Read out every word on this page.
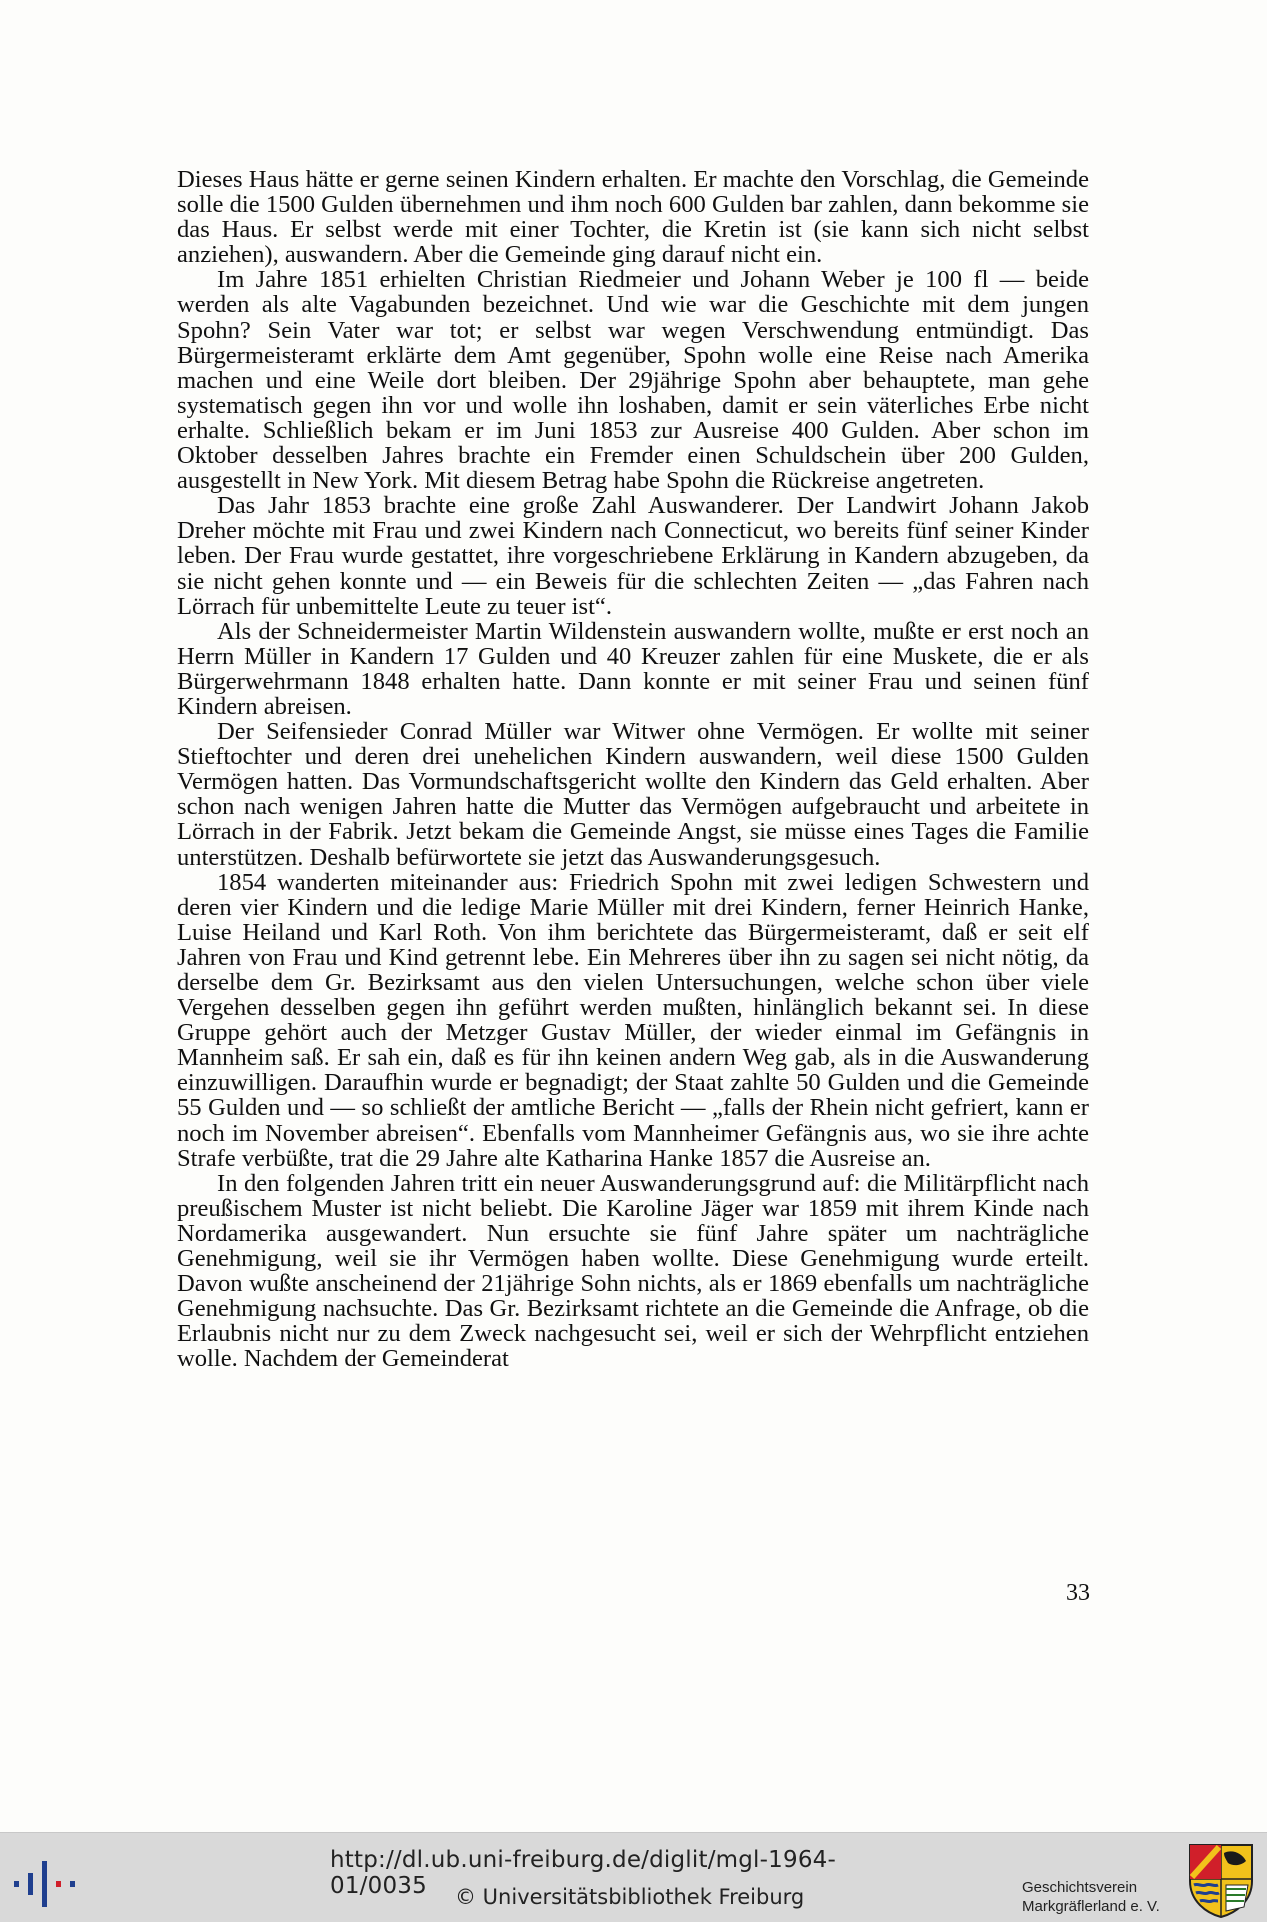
Dieses Haus hätte er gerne seinen Kindern erhalten. Er machte den Vorschlag, die Gemeinde solle die 1500 Gulden übernehmen und ihm noch 600 Gulden bar zahlen, dann bekomme sie das Haus. Er selbst werde mit einer Tochter, die Kretin ist (sie kann sich nicht selbst anziehen), auswandern. Aber die Gemeinde ging darauf nicht ein.

Im Jahre 1851 erhielten Christian Riedmeier und Johann Weber je 100 fl — beide werden als alte Vagabunden bezeichnet. Und wie war die Geschichte mit dem jungen Spohn? Sein Vater war tot; er selbst war wegen Verschwendung entmündigt. Das Bürgermeisteramt erklärte dem Amt gegenüber, Spohn wolle eine Reise nach Amerika machen und eine Weile dort bleiben. Der 29jährige Spohn aber behauptete, man gehe systematisch gegen ihn vor und wolle ihn loshaben, damit er sein väterliches Erbe nicht erhalte. Schließlich bekam er im Juni 1853 zur Ausreise 400 Gulden. Aber schon im Oktober desselben Jahres brachte ein Fremder einen Schuldschein über 200 Gulden, ausgestellt in New York. Mit diesem Betrag habe Spohn die Rückreise angetreten.

Das Jahr 1853 brachte eine große Zahl Auswanderer. Der Landwirt Johann Jakob Dreher möchte mit Frau und zwei Kindern nach Connecticut, wo bereits fünf seiner Kinder leben. Der Frau wurde gestattet, ihre vorgeschriebene Erklärung in Kandern abzugeben, da sie nicht gehen konnte und — ein Beweis für die schlechten Zeiten — „das Fahren nach Lörrach für unbemittelte Leute zu teuer ist“.

Als der Schneidermeister Martin Wildenstein auswandern wollte, mußte er erst noch an Herrn Müller in Kandern 17 Gulden und 40 Kreuzer zahlen für eine Muskete, die er als Bürgerwehrmann 1848 erhalten hatte. Dann konnte er mit seiner Frau und seinen fünf Kindern abreisen.

Der Seifensieder Conrad Müller war Witwer ohne Vermögen. Er wollte mit seiner Stieftochter und deren drei unehelichen Kindern auswandern, weil diese 1500 Gulden Vermögen hatten. Das Vormundschaftsgericht wollte den Kindern das Geld erhalten. Aber schon nach wenigen Jahren hatte die Mutter das Vermögen aufgebraucht und arbeitete in Lörrach in der Fabrik. Jetzt bekam die Gemeinde Angst, sie müsse eines Tages die Familie unterstützen. Deshalb befürwortete sie jetzt das Auswanderungsgesuch.

1854 wanderten miteinander aus: Friedrich Spohn mit zwei ledigen Schwestern und deren vier Kindern und die ledige Marie Müller mit drei Kindern, ferner Heinrich Hanke, Luise Heiland und Karl Roth. Von ihm berichtete das Bürgermeisteramt, daß er seit elf Jahren von Frau und Kind getrennt lebe. Ein Mehreres über ihn zu sagen sei nicht nötig, da derselbe dem Gr. Bezirksamt aus den vielen Untersuchungen, welche schon über viele Vergehen desselben gegen ihn geführt werden mußten, hinlänglich bekannt sei. In diese Gruppe gehört auch der Metzger Gustav Müller, der wieder einmal im Gefängnis in Mannheim saß. Er sah ein, daß es für ihn keinen andern Weg gab, als in die Auswanderung einzuwilligen. Daraufhin wurde er begnadigt; der Staat zahlte 50 Gulden und die Gemeinde 55 Gulden und — so schließt der amtliche Bericht — „falls der Rhein nicht gefriert, kann er noch im November abreisen“. Ebenfalls vom Mannheimer Gefängnis aus, wo sie ihre achte Strafe verbüßte, trat die 29 Jahre alte Katharina Hanke 1857 die Ausreise an.

In den folgenden Jahren tritt ein neuer Auswanderungsgrund auf: die Militärpflicht nach preußischem Muster ist nicht beliebt. Die Karoline Jäger war 1859 mit ihrem Kinde nach Nordamerika ausgewandert. Nun ersuchte sie fünf Jahre später um nachträgliche Genehmigung, weil sie ihr Vermögen haben wollte. Diese Genehmigung wurde erteilt. Davon wußte anscheinend der 21jährige Sohn nichts, als er 1869 ebenfalls um nachträgliche Genehmigung nachsuchte. Das Gr. Bezirksamt richtete an die Gemeinde die Anfrage, ob die Erlaubnis nicht nur zu dem Zweck nachgesucht sei, weil er sich der Wehrpflicht entziehen wolle. Nachdem der Gemeinderat

33
http://dl.ub.uni-freiburg.de/diglit/mgl-1964-01/0035	© Universitätsbibliothek Freiburg	Geschichtsverein
Markgräflerland e. V.
